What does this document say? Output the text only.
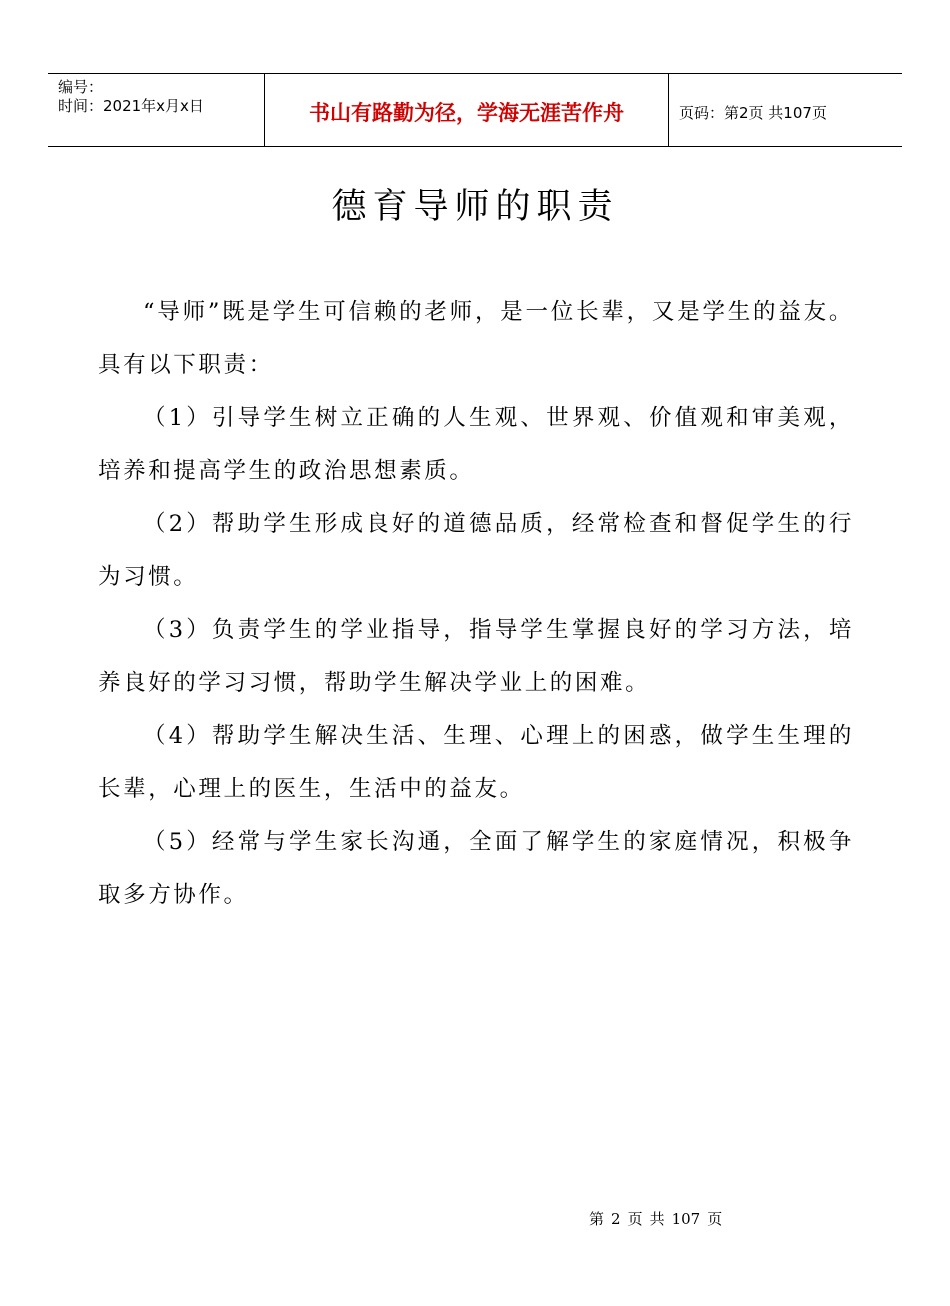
编号：
时间：2021年x月x日	书山有路勤为径，学海无涯苦作舟	页码：第2页 共107页
德育导师的职责

“导师”既是学生可信赖的老师，是一位长辈，又是学生的益友。具有以下职责：

（1）引导学生树立正确的人生观、世界观、价值观和审美观，培养和提高学生的政治思想素质。

（2）帮助学生形成良好的道德品质，经常检查和督促学生的行为习惯。

（3）负责学生的学业指导，指导学生掌握良好的学习方法，培养良好的学习习惯，帮助学生解决学业上的困难。

（4）帮助学生解决生活、生理、心理上的困惑，做学生生理的长辈，心理上的医生，生活中的益友。

（5）经常与学生家长沟通，全面了解学生的家庭情况，积极争取多方协作。

第 2 页 共 107 页
